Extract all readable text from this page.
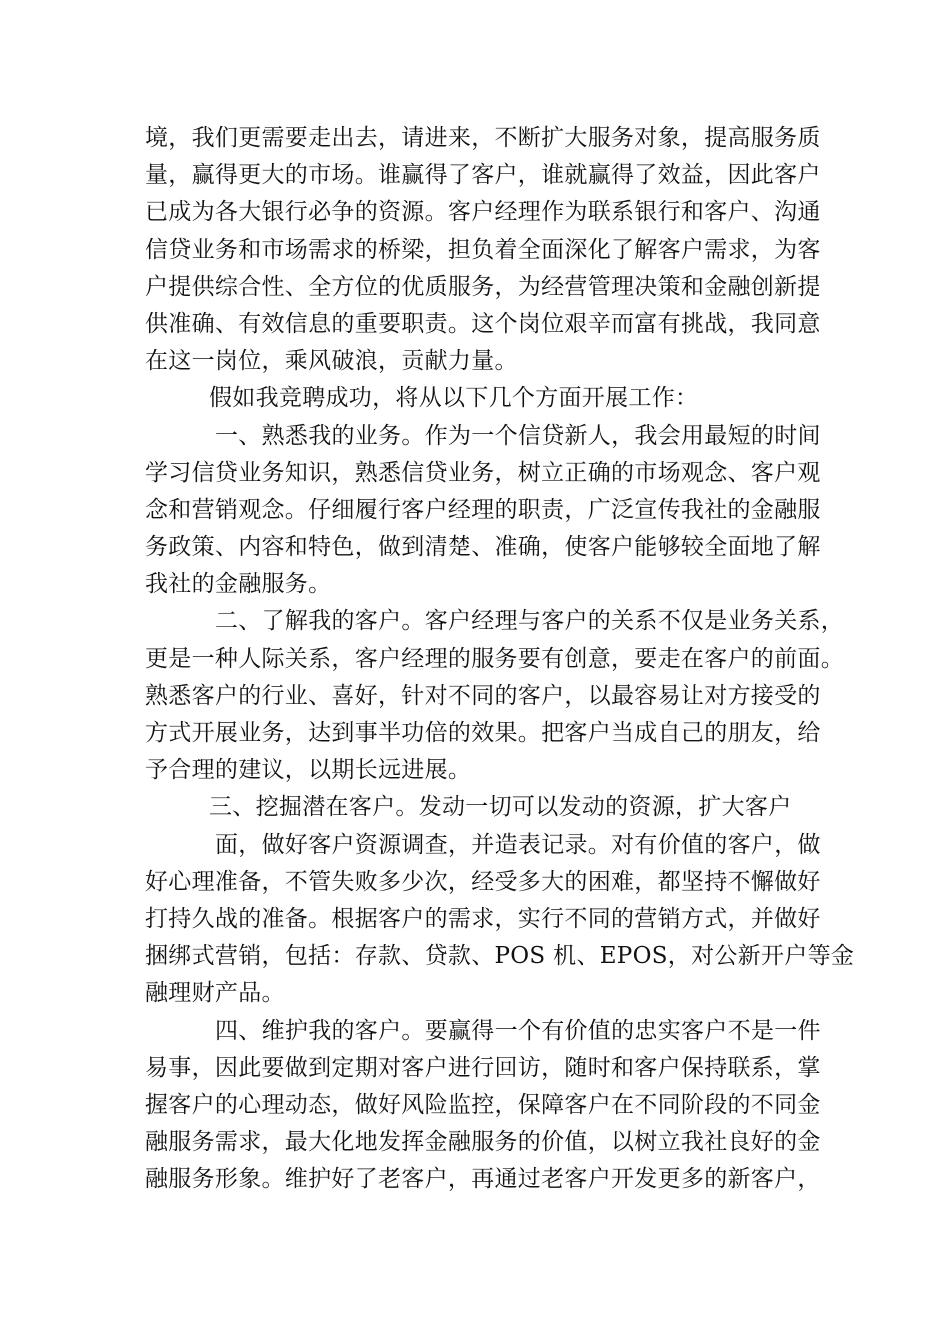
境，我们更需要走出去，请进来，不断扩大服务对象，提高服务质
量，赢得更大的市场。谁赢得了客户，谁就赢得了效益，因此客户
已成为各大银行必争的资源。客户经理作为联系银行和客户、沟通
信贷业务和市场需求的桥梁，担负着全面深化了解客户需求，为客
户提供综合性、全方位的优质服务，为经营管理决策和金融创新提
供准确、有效信息的重要职责。这个岗位艰辛而富有挑战，我同意
在这一岗位，乘风破浪，贡献力量。
假如我竞聘成功，将从以下几个方面开展工作：
一、熟悉我的业务。作为一个信贷新人，我会用最短的时间
学习信贷业务知识，熟悉信贷业务，树立正确的市场观念、客户观
念和营销观念。仔细履行客户经理的职责，广泛宣传我社的金融服
务政策、内容和特色，做到清楚、准确，使客户能够较全面地了解
我社的金融服务。
二、了解我的客户。客户经理与客户的关系不仅是业务关系，
更是一种人际关系，客户经理的服务要有创意，要走在客户的前面。
熟悉客户的行业、喜好，针对不同的客户，以最容易让对方接受的
方式开展业务，达到事半功倍的效果。把客户当成自己的朋友，给
予合理的建议，以期长远进展。
三、挖掘潜在客户。发动一切可以发动的资源，扩大客户
面，做好客户资源调查，并造表记录。对有价值的客户，做
好心理准备，不管失败多少次，经受多大的困难，都坚持不懈做好
打持久战的准备。根据客户的需求，实行不同的营销方式，并做好
捆绑式营销，包括：存款、贷款、POS 机、EPOS，对公新开户等金
融理财产品。
四、维护我的客户。要赢得一个有价值的忠实客户不是一件
易事，因此要做到定期对客户进行回访，随时和客户保持联系，掌
握客户的心理动态，做好风险监控，保障客户在不同阶段的不同金
融服务需求，最大化地发挥金融服务的价值，以树立我社良好的金
融服务形象。维护好了老客户，再通过老客户开发更多的新客户，
